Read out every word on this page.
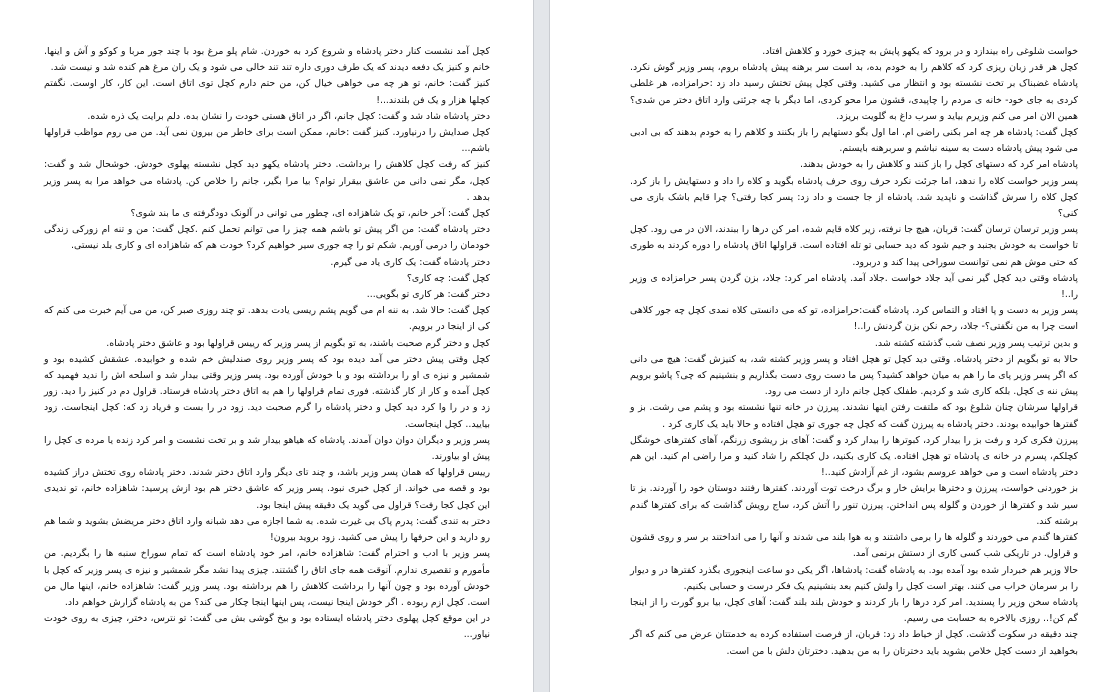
کچل آمد نشست کنار دختر پادشاه و شروع کرد به خوردن. شام پلو مرغ بود با چند جور مربا و کوکو و آش و اینها. خانم و کنیز یک دفعه دیدند که یک طرف دوری داره تند تند خالی می شود و یک ران مرغ هم کنده شد و نیست شد.

کنیز گفت: خانم، تو هر چه می خواهی خیال کن، من حتم دارم کچل توی اتاق است. این کار، کار اوست. نگفتم کچلها هزار و یک فن بلندند...!

دختر پادشاه شاد شد و گفت: کچل جانم، اگر در اتاق هستی خودت را نشان بده. دلم برایت یک ذره شده.

کچل صدایش را درنیاورد. کنیز گفت :خانم، ممکن است برای خاطر من بیرون نمی آید. من می روم مواظب قراولها باشم...

کنیز که رفت کچل کلاهش را برداشت. دختر پادشاه یکهو دید کچل نشسته پهلوی خودش. خوشحال شد و گفت: کچل، مگر نمی دانی من عاشق بیقرار توام؟ بیا مرا بگیر، جانم را خلاص کن. پادشاه می خواهد مرا به پسر وزیر بدهد .

کچل گفت: آخر خانم، تو یک شاهزاده ای، چطور می توانی در آلونک دودگرفته ی ما بند شوی؟

دختر پادشاه گفت: من اگر پیش تو باشم همه چیز را می توانم تحمل کنم .کچل گفت: من و تنه ام زورکی زندگی خودمان را درمی آوریم. شکم تو را چه جوری سیر خواهیم کرد؟ خودت هم که شاهزاده ای و کاری بلد نیستی.

دختر پادشاه گفت: یک کاری یاد می گیرم.

کچل گفت: چه کاری؟

دختر گفت: هر کاری تو بگویی...

کچل گفت: حالا شد. به ننه ام می گویم پشم ریسی یادت بدهد. تو چند روزی صبر کن، من می آیم خبرت می کنم که کی از اینجا در برویم.

کچل و دختر گرم صحبت باشند، به تو بگویم از پسر وزیر که رییس قراولها بود و عاشق دختر پادشاه.

کچل وقتی پیش دختر می آمد دیده بود که پسر وزیر روی صندلیش خم شده و خوابیده. عشقش کشیده بود و شمشیر و نیزه ی او را برداشته بود و با خودش آورده بود. پسر وزیر وقتی بیدار شد و اسلحه اش را ندید فهمید که کچل آمده و کار از کار گذشته. فوری تمام قراولها را هم به اتاق دختر پادشاه فرستاد. قراول دم در کنیز را دید. زور زد و در را وا کرد دید کچل و دختر پادشاه را گرم صحبت دید. زود در را بست و فریاد زد که: کچل اینجاست. زود بیایید.. کچل اینجاست.

پسر وزیر و دیگران دوان دوان آمدند. پادشاه که هیاهو بیدار شد و بر تخت نشست و امر کرد زنده یا مرده ی کچل را پیش او بیاورند.

رییس قراولها که همان پسر وزیر باشد، و چند تای دیگر وارد اتاق دختر شدند. دختر پادشاه روی تختش دراز کشیده بود و قصه می خواند. از کچل خبری نبود. پسر وزیر که عاشق دختر هم بود ازش پرسید: شاهزاده خانم، تو ندیدی این کچل کجا رفت؟ قراول می گوید یک دقیقه پیش اینجا بود.

دختر به تندی گفت: پدرم پاک بی غیرت شده. به شما اجازه می دهد شبانه وارد اتاق دختر مریضش بشوید و شما هم رو دارید و این حرفها را پیش می کشید. زود بروید بیرون!

پسر وزیر با ادب و احترام گفت: شاهزاده خانم، امر خود پادشاه است که تمام سوراخ سنبه ها را بگردیم. من مأمورم و تقصیری ندارم. آنوقت همه جای اتاق را گشتند. چیزی پیدا نشد مگر شمشیر و نیزه ی پسر وزیر که کچل با خودش آورده بود و چون آنها را برداشت کلاهش را هم برداشته بود. پسر وزیر گفت: شاهزاده خانم، اینها مال من است. کچل ازم ربوده . اگر خودش اینجا نیست، پس اینها اینجا چکار می کند؟ من به پادشاه گزارش خواهم داد.

در این موقع کچل پهلوی دختر پادشاه ایستاده بود و بیخ گوشی بش می گفت: تو نترس، دختر، چیزی به روی خودت نیاور...

خواست شلوغی راه بیندازد و در برود که یکهو پایش به چیزی خورد و کلاهش افتاد.

کچل هر قدر زبان ریزی کرد که کلاهم را به خودم بده، بد است سر برهنه پیش پادشاه بروم، پسر وزیر گوش نکرد. پادشاه غضبناک بر تخت نشسته بود و انتظار می کشید. وقتی کچل پیش تختش رسید داد زد :حرامزاده، هر غلطی کردی به جای خود- خانه ی مردم را چاپیدی، قشون مرا محو کردی، اما دیگر با چه جرئتی وارد اتاق دختر من شدی؟ همین الان امر می کنم وزیرم بیاید و سرب داغ به گلویت بریزد.

کچل گفت: پادشاه هر چه امر بکنی راضی ام. اما اول بگو دستهایم را باز بکنند و کلاهم را به خودم بدهند که بی ادبی می شود پیش پادشاه دست به سینه نباشم و سربرهنه بایستم.

پادشاه امر کرد که دستهای کچل را باز کنند و کلاهش را به خودش بدهند.

پسر وزیر خواست کلاه را ندهد، اما جرئت نکرد حرف روی حرف پادشاه بگوید و کلاه را داد و دستهایش را باز کرد. کچل کلاه را سرش گذاشت و ناپدید شد. پادشاه از جا جست و داد زد: پسر کجا رفتی؟ چرا قایم باشک بازی می کنی؟

پسر وزیر ترسان ترسان گفت: قربان، هیچ جا نرفته، زیر کلاه قایم شده، امر کن درها را ببندند، الان در می رود. کچل تا خواست به خودش بجنبد و جیم شود که دید حسابی تو تله افتاده است. قراولها اتاق پادشاه را دوره کردند به طوری که حتی موش هم نمی توانست سوراخی پیدا کند و دربرود.

پادشاه وقتی دید کچل گیر نمی آید جلاد خواست .جلاد آمد. پادشاه امر کرد: جلاد، بزن گردن پسر حرامزاده ی وزیر را..!

پسر وزیر به دست و پا افتاد و التماس کرد. پادشاه گفت:حرامزاده، تو که می دانستی کلاه نمدی کچل چه جور کلاهی است چرا به من نگفتی؟- جلاد، رحم نکن بزن گردنش را..!

و بدین ترتیب پسر وزیر نصف شب گذشته کشته شد.

حالا به تو بگویم از دختر پادشاه. وقتی دید کچل تو هچل افتاد و پسر وزیر کشته شد، به کنیزش گفت: هیچ می دانی که اگر پسر وزیر پای ما را هم به میان خواهد کشید؟ پس ما دست روی دست بگذاریم و بنشینیم که چی؟ پاشو برویم پیش ننه ی کچل. بلکه کاری شد و کردیم. طفلک کچل جانم دارد از دست می رود.

قراولها سرشان چنان شلوغ بود که ملتفت رفتن اینها نشدند. پیرزن در خانه تنها نشسته بود و پشم می رشت. بز و گفترها خوابیده بودند. دختر پادشاه به پیرزن گفت که کچل چه جوری تو هچل افتاده و حالا باید یک کاری کرد .

پیرزن فکری کرد و رفت بز را بیدار کرد، کبوترها را بیدار کرد و گفت: آهای بز ریشوی زرنگم، آهای کفترهای خوشگل کچلکم، پسرم در خانه ی پادشاه تو هچل افتاده. یک کاری بکنید، دل کچلکم را شاد کنید و مرا راضی ام کنید. این هم دختر پادشاه است و می خواهد عروسم بشود، از غم آزادش کنید..!

بز خوردنی خواست، پیرزن و دخترها برایش خار و برگ درخت توت آوردند. کفترها رفتند دوستان خود را آوردند. بز تا سیر شد و کفترها از خوردن و گلوله پس انداختن. پیرزن تنور را آتش کرد، ساج رویش گذاشت که برای کفترها گندم برشته کند.

کفترها گندم می خوردند و گلوله ها را برمی داشتند و به هوا بلند می شدند و آنها را می انداختند بر سر و روی قشون و قراول. در تاریکی شب کسی کاری از دستش برنمی آمد.

حالا وزیر هم خبردار شده بود آمده بود. به پادشاه گفت: پادشاها، اگر یکی دو ساعت اینجوری بگذرد کفترها در و دیوار را بر سرمان خراب می کنند. بهتر است کچل را ولش کنیم بعد بنشینیم یک فکر درست و حسابی بکنیم.

پادشاه سخن وزیر را پسندید. امر کرد درها را باز کردند و خودش بلند بلند گفت: آهای کچل، بیا برو گورت را از اینجا گم کن!.. روزی بالاخره به حسابت می رسیم.

چند دقیقه در سکوت گذشت. کچل از خیاط داد زد: قربان، از فرصت استفاده کرده به خدمتتان عرض می کنم که اگر بخواهید از دست کچل خلاص بشوید باید دخترتان را به من بدهید. دخترتان دلش با من است.
